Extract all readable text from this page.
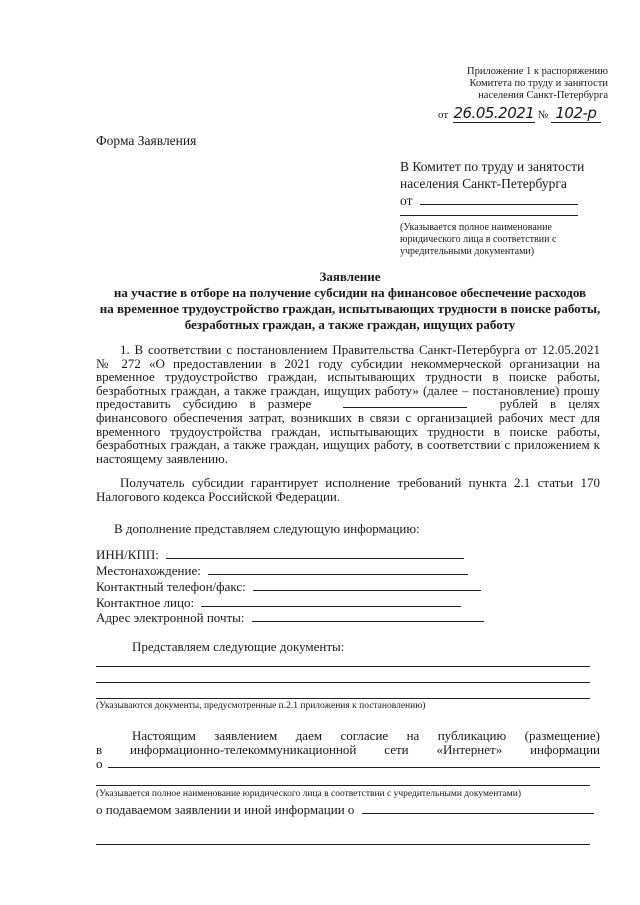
Приложение 1 к распоряжению
Комитета по труду и занятости
населения Санкт-Петербурга
от 26.05.2021 № 102-р
Форма Заявления
В Комитет по труду и занятости
населения Санкт-Петербурга
от
(Указывается полное наименование юридического лица в соответствии с учредительными документами)
Заявление
на участие в отборе на получение субсидии на финансовое обеспечение расходов
на временное трудоустройство граждан, испытывающих трудности в поиске работы,
безработных граждан, а также граждан, ищущих работу
1. В соответствии с постановлением Правительства Санкт-Петербурга от 12.05.2021 № 272 «О предоставлении в 2021 году субсидии некоммерческой организации на временное трудоустройство граждан, испытывающих трудности в поиске работы, безработных граждан, а также граждан, ищущих работу» (далее – постановление) прошу предоставить субсидию в размере	рублей в целях финансового обеспечения затрат, возникших в связи с организацией рабочих мест для временного трудоустройства граждан, испытывающих трудности в поиске работы, безработных граждан, а также граждан, ищущих работу, в соответствии с приложением к настоящему заявлению.
Получатель субсидии гарантирует исполнение требований пункта 2.1 статьи 170 Налогового кодекса Российской Федерации.
В дополнение представляем следующую информацию:
ИНН/КПП:
Местонахождение:
Контактный телефон/факс:
Контактное лицо:
Адрес электронной почты:
Представляем следующие документы:
(Указываются документы, предусмотренные п.2.1 приложения к постановлению)
Настоящим заявлением даем согласие на публикацию (размещение)
в информационно-телекоммуникационной сети «Интернет» информации
о
(Указывается полное наименование юридического лица в соответствии с учредительными документами)
о подаваемом заявлении и иной информации о
